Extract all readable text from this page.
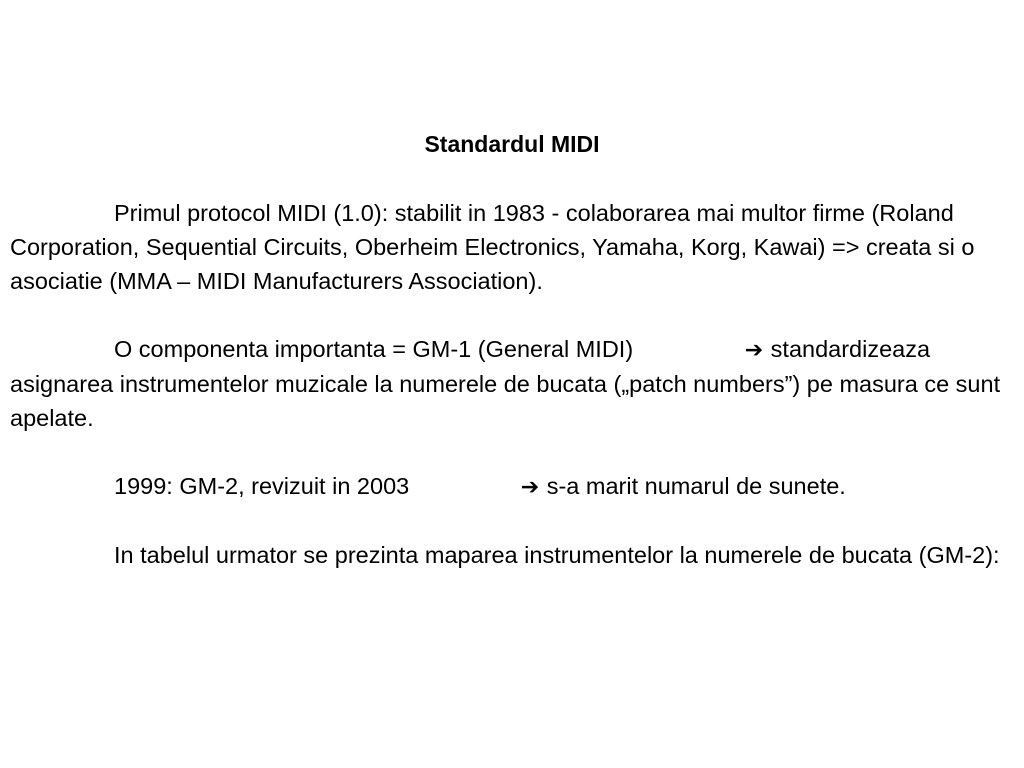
Standardul MIDI

Primul protocol MIDI (1.0): stabilit in 1983 - colaborarea mai multor firme (Roland Corporation, Sequential Circuits, Oberheim Electronics, Yamaha, Korg, Kawai) => creata si o asociatie (MMA – MIDI Manufacturers Association).

O componenta importanta = GM-1 (General MIDI)	➔ standardizeaza asignarea instrumentelor muzicale la numerele de bucata („patch numbers”) pe masura ce sunt apelate.

1999: GM-2, revizuit in 2003	➔ s-a marit numarul de sunete.

In tabelul urmator se prezinta maparea instrumentelor la numerele de bucata (GM-2):
